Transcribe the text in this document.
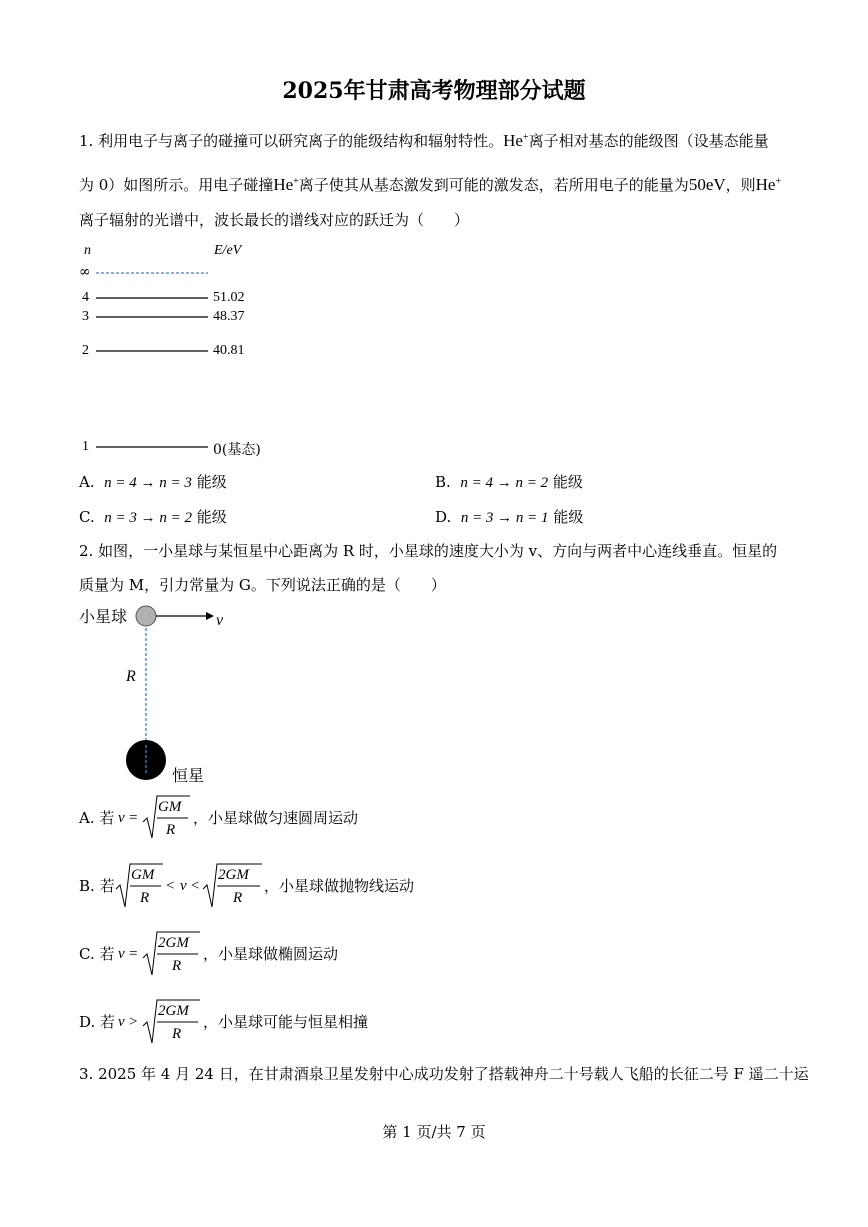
2025年甘肃高考物理部分试题
1. 利用电子与离子的碰撞可以研究离子的能级结构和辐射特性。He+离子相对基态的能级图（设基态能量
为 0）如图所示。用电子碰撞He+离子使其从基态激发到可能的激发态，若所用电子的能量为50eV，则He+
离子辐射的光谱中，波长最长的谱线对应的跃迁为（　　）
n	E/eV
∞
4	51.02
3	48.37
2	40.81
1	0(基态)
A. n = 4 → n = 3 能级	B. n = 4 → n = 2 能级
C. n = 3 → n = 2 能级	D. n = 3 → n = 1 能级
2. 如图，一小星球与某恒星中心距离为 R 时，小星球的速度大小为 v、方向与两者中心连线垂直。恒星的
质量为 M，引力常量为 G。下列说法正确的是（　　）
小星球
恒星
v
R
A. 若 v =
GM
R
，小星球做匀速圆周运动
B. 若
GM
R
< v <
2GM
R
，小星球做抛物线运动
C. 若 v =
2GM
R
，小星球做椭圆运动
D. 若 v >
2GM
R
，小星球可能与恒星相撞
3. 2025 年 4 月 24 日，在甘肃酒泉卫星发射中心成功发射了搭载神舟二十号载人飞船的长征二号 F 遥二十运
第 1 页/共 7 页
